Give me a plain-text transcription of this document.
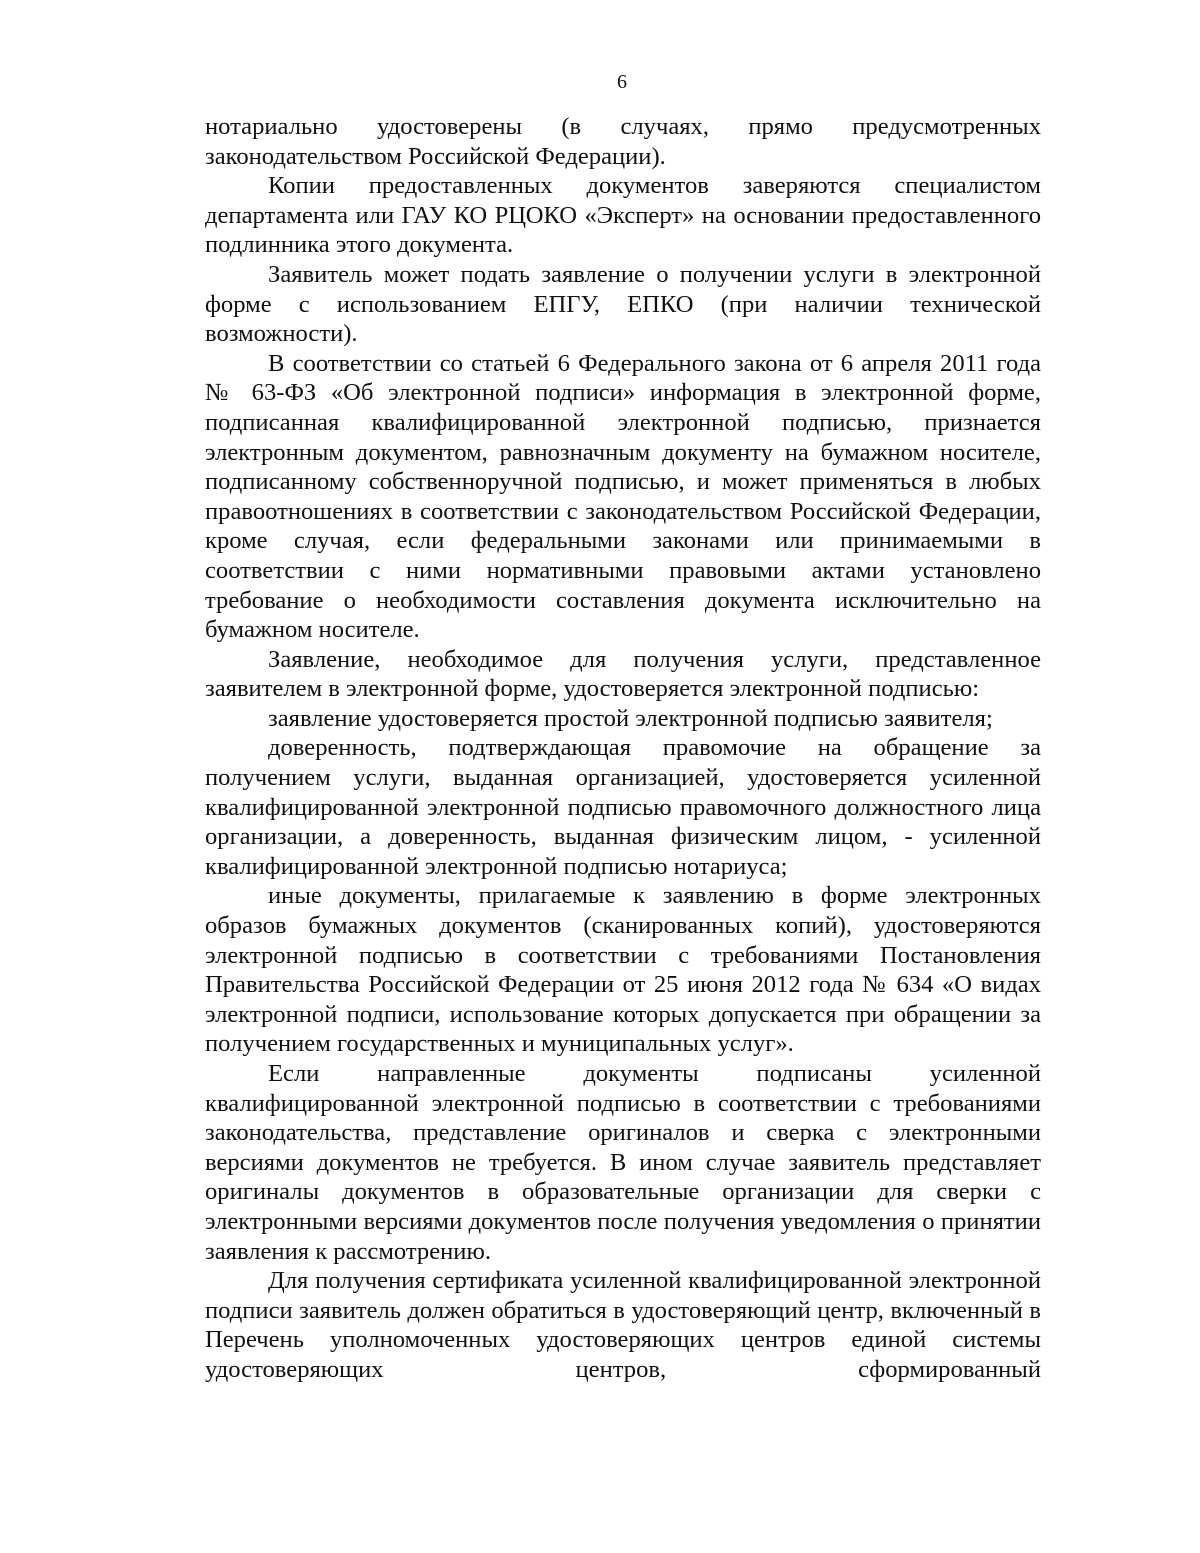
6

нотариально удостоверены (в случаях, прямо предусмотренных законодательством Российской Федерации).

Копии предоставленных документов заверяются специалистом департамента или ГАУ КО РЦОКО «Эксперт» на основании предоставленного подлинника этого документа.

Заявитель может подать заявление о получении услуги в электронной форме с использованием ЕПГУ, ЕПКО (при наличии технической возможности).

В соответствии со статьей 6 Федерального закона от 6 апреля 2011 года № 63-ФЗ «Об электронной подписи» информация в электронной форме, подписанная квалифицированной электронной подписью, признается электронным документом, равнозначным документу на бумажном носителе, подписанному собственноручной подписью, и может применяться в любых правоотношениях в соответствии с законодательством Российской Федерации, кроме случая, если федеральными законами или принимаемыми в соответствии с ними нормативными правовыми актами установлено требование о необходимости составления документа исключительно на бумажном носителе.

Заявление, необходимое для получения услуги, представленное заявителем в электронной форме, удостоверяется электронной подписью:

заявление удостоверяется простой электронной подписью заявителя;

доверенность, подтверждающая правомочие на обращение за получением услуги, выданная организацией, удостоверяется усиленной квалифицированной электронной подписью правомочного должностного лица организации, а доверенность, выданная физическим лицом, - усиленной квалифицированной электронной подписью нотариуса;

иные документы, прилагаемые к заявлению в форме электронных образов бумажных документов (сканированных копий), удостоверяются электронной подписью в соответствии с требованиями Постановления Правительства Российской Федерации от 25 июня 2012 года № 634 «О видах электронной подписи, использование которых допускается при обращении за получением государственных и муниципальных услуг».

Если направленные документы подписаны усиленной квалифицированной электронной подписью в соответствии с требованиями законодательства, представление оригиналов и сверка с электронными версиями документов не требуется. В ином случае заявитель представляет оригиналы документов в образовательные организации для сверки с электронными версиями документов после получения уведомления о принятии заявления к рассмотрению.

Для получения сертификата усиленной квалифицированной электронной подписи заявитель должен обратиться в удостоверяющий центр, включенный в Перечень уполномоченных удостоверяющих центров единой системы удостоверяющих центров, сформированный
